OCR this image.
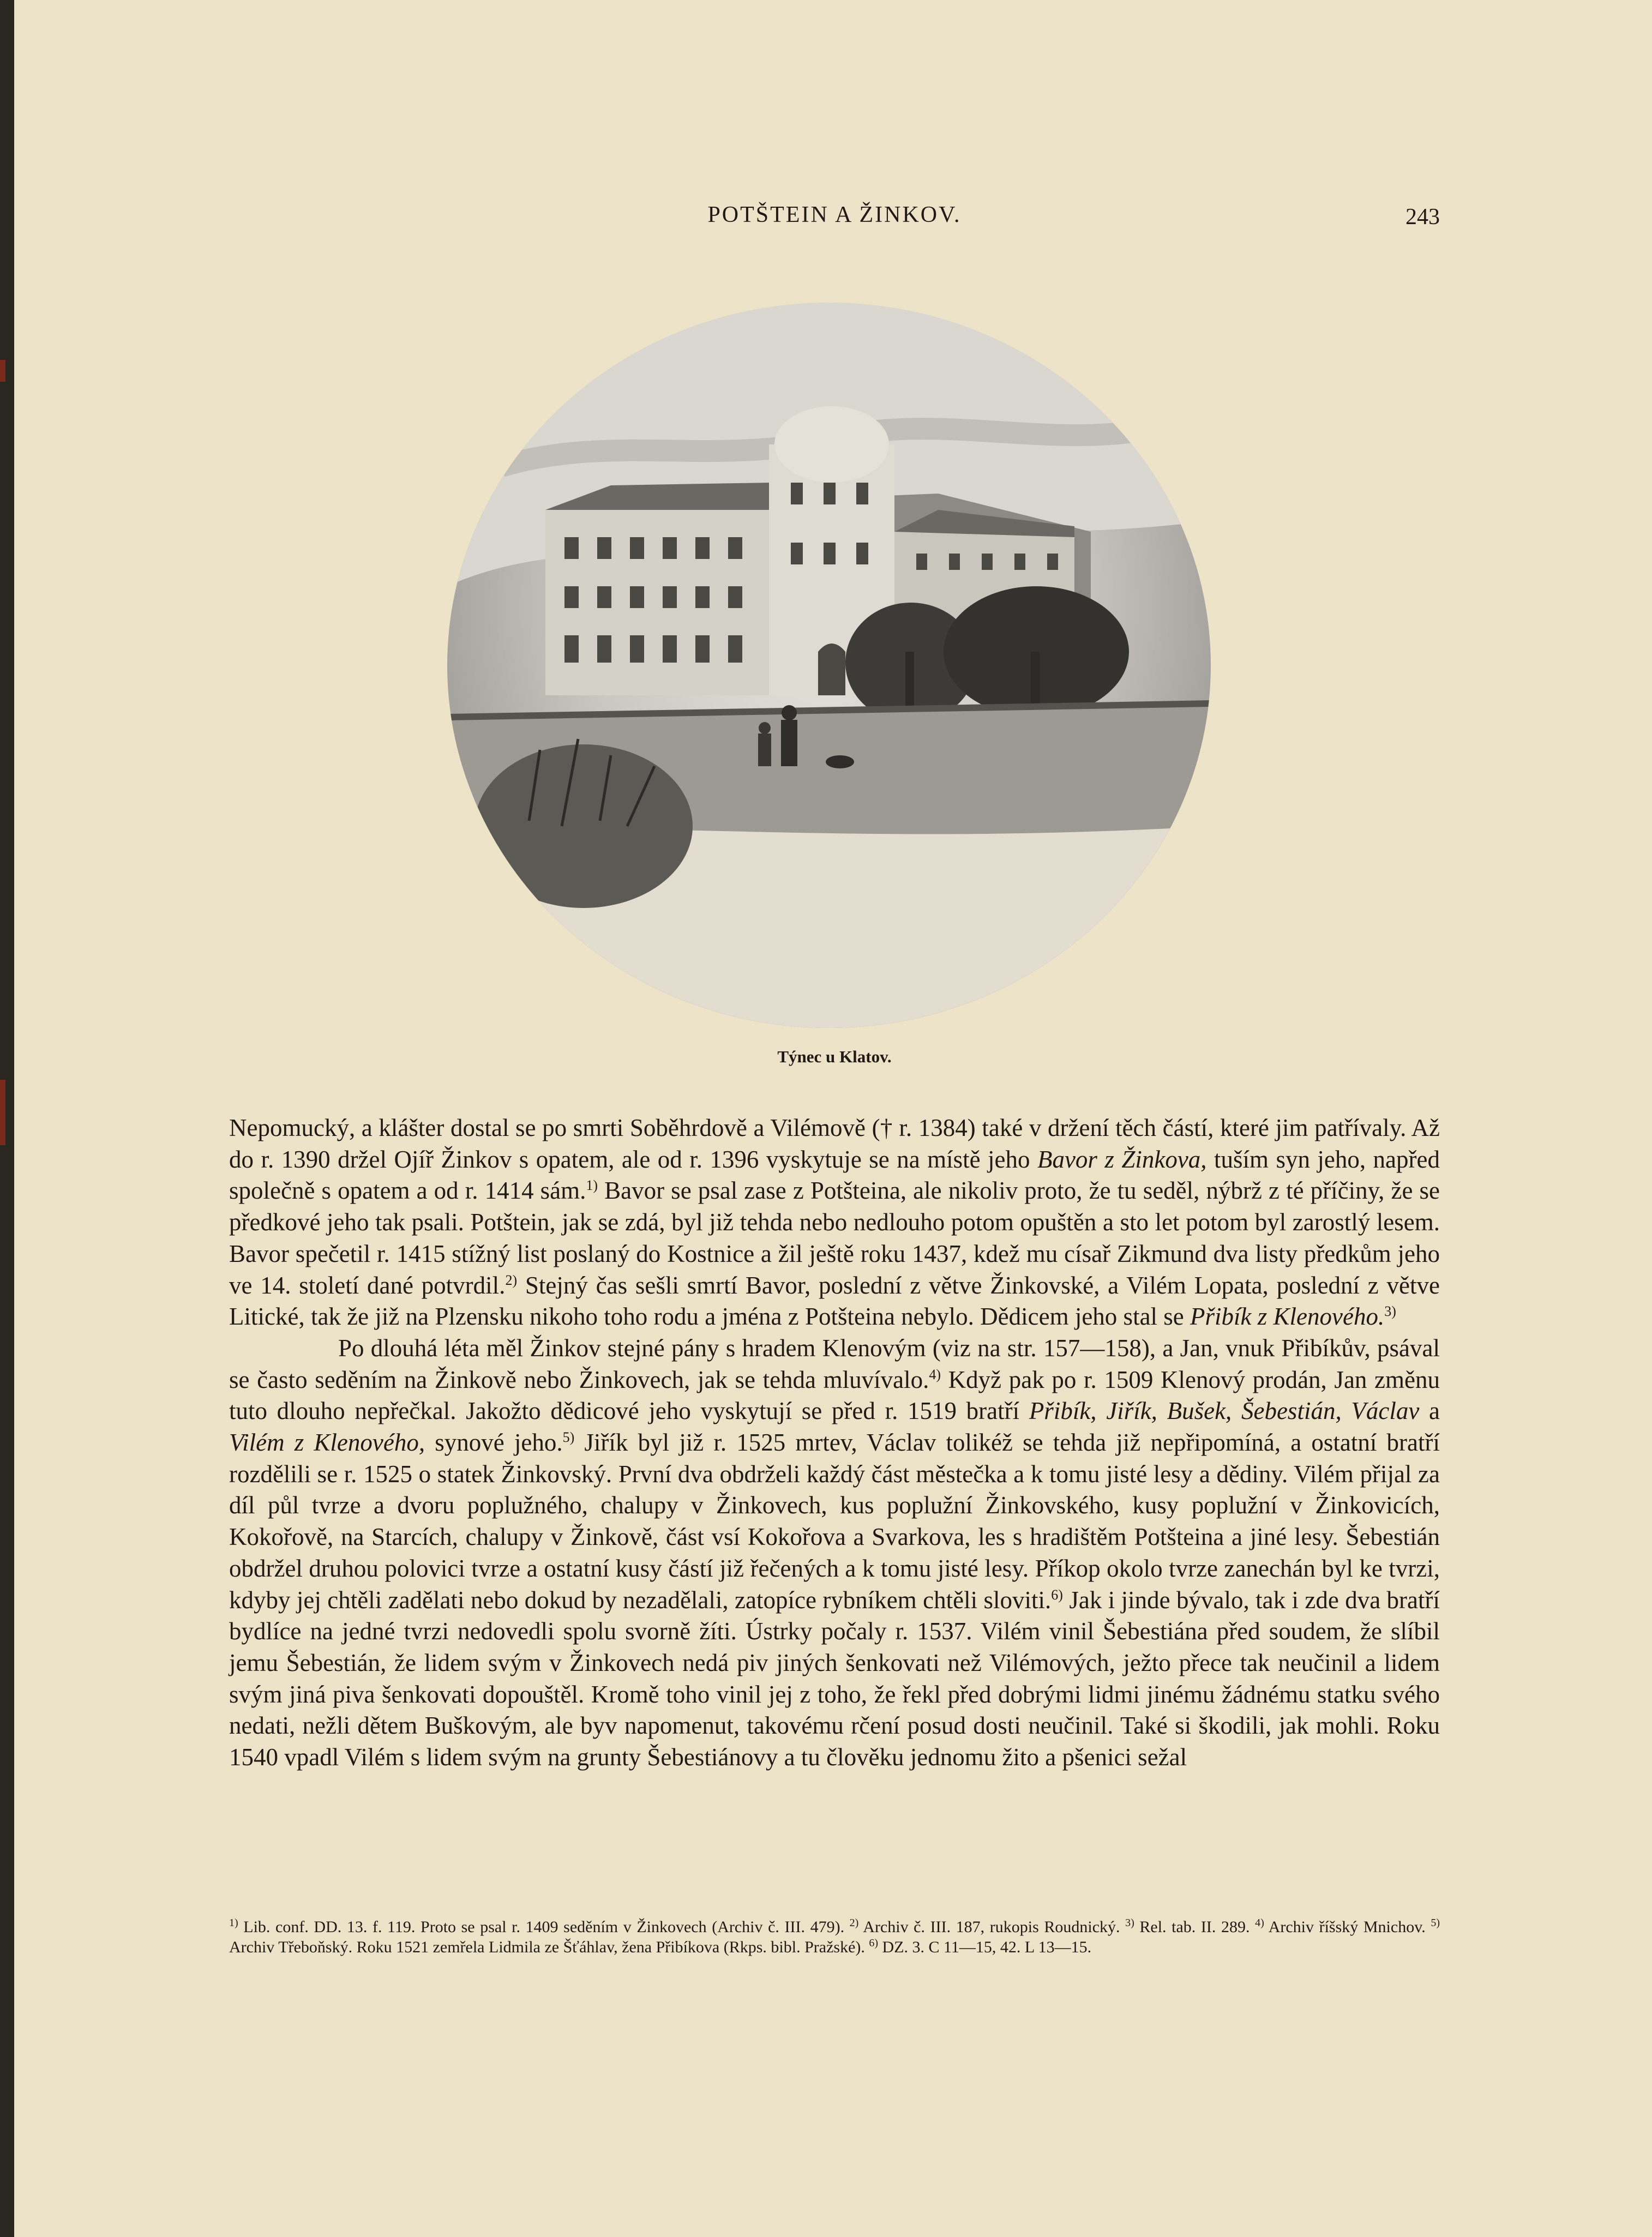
POTŠTEIN A ŽINKOV.	243
Týnec u Klatov.

Nepomucký, a klášter dostal se po smrti Soběhrdově a Vilémově († r. 1384) také v držení těch částí, které jim patřívaly. Až do r. 1390 držel Ojíř Žinkov s opatem, ale od r. 1396 vyskytuje se na místě jeho Bavor z Žinkova, tuším syn jeho, napřed společně s opatem a od r. 1414 sám.$^{1)}$ Bavor se psal zase z Potšteina, ale nikoliv proto, že tu seděl, nýbrž z té příčiny, že se předkové jeho tak psali. Potštein, jak se zdá, byl již tehda nebo nedlouho potom opuštěn a sto let potom byl zarostlý lesem. Bavor spečetil r. 1415 stížný list poslaný do Kostnice a žil ještě roku 1437, kdež mu císař Zikmund dva listy předkům jeho ve 14. století dané potvrdil.$^{2)}$ Stejný čas sešli smrtí Bavor, poslední z větve Žinkovské, a Vilém Lopata, poslední z větve Litické, tak že již na Plzensku nikoho toho rodu a jména z Potšteina nebylo. Dědicem jeho stal se Přibík z Klenového.$^{3)}$

Po dlouhá léta měl Žinkov stejné pány s hradem Klenovým (viz na str. 157—158), a Jan, vnuk Přibíkův, psával se často seděním na Žinkově nebo Žinkovech, jak se tehda mluvívalo.$^{4)}$ Když pak po r. 1509 Klenový prodán, Jan změnu tuto dlouho nepřečkal. Jakožto dědicové jeho vyskytují se před r. 1519 bratří Přibík, Jiřík, Bušek, Šebestián, Václav a Vilém z Klenového, synové jeho.$^{5)}$ Jiřík byl již r. 1525 mrtev, Václav tolikéž se tehda již nepřipomíná, a ostatní bratří rozdělili se r. 1525 o statek Žinkovský. První dva obdrželi každý část městečka a k tomu jisté lesy a dědiny. Vilém přijal za díl půl tvrze a dvoru poplužného, chalupy v Žinkovech, kus poplužní Žinkovského, kusy poplužní v Žinkovicích, Kokořově, na Starcích, chalupy v Žinkově, část vsí Kokořova a Svarkova, les s hradištěm Potšteina a jiné lesy. Šebestián obdržel druhou polovici tvrze a ostatní kusy částí již řečených a k tomu jisté lesy. Příkop okolo tvrze zanechán byl ke tvrzi, kdyby jej chtěli zadělati nebo dokud by nezadělali, zatopíce rybníkem chtěli sloviti.$^{6)}$ Jak i jinde bývalo, tak i zde dva bratří bydlíce na jedné tvrzi nedovedli spolu svorně žíti. Ústrky počaly r. 1537. Vilém vinil Šebestiána před soudem, že slíbil jemu Šebestián, že lidem svým v Žinkovech nedá piv jiných šenkovati než Vilémových, ježto přece tak neučinil a lidem svým jiná piva šenkovati dopouštěl. Kromě toho vinil jej z toho, že řekl před dobrými lidmi jinému žádnému statku svého nedati, nežli dětem Buškovým, ale byv napomenut, takovému rčení posud dosti neučinil. Také si škodili, jak mohli. Roku 1540 vpadl Vilém s lidem svým na grunty Šebestiánovy a tu člověku jednomu žito a pšenici sežal

$^{1)}$ Lib. conf. DD. 13. f. 119. Proto se psal r. 1409 seděním v Žinkovech (Archiv č. III. 479). $^{2)}$ Archiv č. III. 187, rukopis Roudnický. $^{3)}$ Rel. tab. II. 289. $^{4)}$ Archiv říšský Mnichov. $^{5)}$ Archiv Třeboňský. Roku 1521 zemřela Lidmila ze Šťáhlav, žena Přibíkova (Rkps. bibl. Pražské). $^{6)}$ DZ. 3. C 11—15, 42. L 13—15.
